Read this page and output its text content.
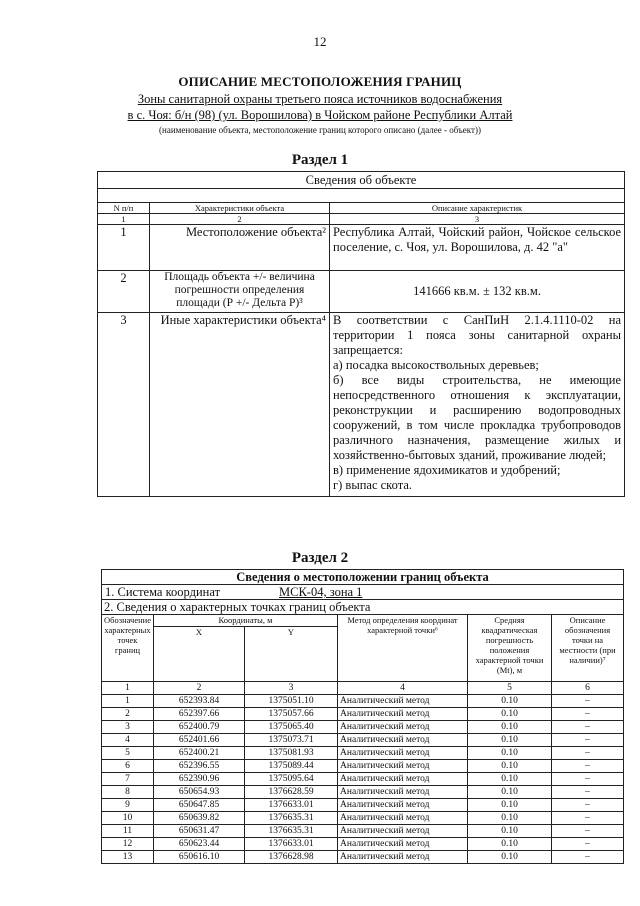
12
ОПИСАНИЕ МЕСТОПОЛОЖЕНИЯ ГРАНИЦ
Зоны санитарной охраны третьего пояса источников водоснабжения
в с. Чоя: б/н (98) (ул. Ворошилова) в Чойском районе Республики Алтай
(наименование объекта, местоположение границ которого описано (далее - объект))
Раздел 1
Сведения об объекте		

N п/п	Характеристики объекта	Описание характеристик
1	2	3
1	Местоположение объекта²	Республика Алтай, Чойский район, Чойское сельское поселение, с. Чоя, ул. Ворошилова, д. 42 "а"
2	Площадь объекта +/- величина погрешности определения площади (Р +/- Дельта Р)³	141666 кв.м. ± 132 кв.м.
3	Иные характеристики объекта⁴	В соответствии с СанПиН 2.1.4.1110-02 на территории 1 пояса зоны санитарной охраны запрещается:
а) посадка высокоствольных деревьев;
б) все виды строительства, не имеющие непосредственного отношения к эксплуатации, реконструкции и расширению водопроводных сооружений, в том числе прокладка трубопроводов различного назначения, размещение жилых и хозяйственно-бытовых зданий, проживание людей;
в) применение ядохимикатов и удобрений;
г) выпас скота.
Раздел 2
Сведения о местоположении границ объекта					
1. Система координат МСК-04, зона 1					
2. Сведения о характерных точках границ объекта					
Обозначение характерных точек границ	Координаты, м		Метод определения координат характерной точки⁶	Средняя квадратическая погрешность положения характерной точки (Mt), м	Описание обозначения точки на местности (при наличии)⁷
	X	Y			
1	2	3	4	5	6
1	652393.84	1375051.10	Аналитический метод	0.10	–
2	652397.66	1375057.66	Аналитический метод	0.10	–
3	652400.79	1375065.40	Аналитический метод	0.10	–
4	652401.66	1375073.71	Аналитический метод	0.10	–
5	652400.21	1375081.93	Аналитический метод	0.10	–
6	652396.55	1375089.44	Аналитический метод	0.10	–
7	652390.96	1375095.64	Аналитический метод	0.10	–
8	650654.93	1376628.59	Аналитический метод	0.10	–
9	650647.85	1376633.01	Аналитический метод	0.10	–
10	650639.82	1376635.31	Аналитический метод	0.10	–
11	650631.47	1376635.31	Аналитический метод	0.10	–
12	650623.44	1376633.01	Аналитический метод	0.10	–
13	650616.10	1376628.98	Аналитический метод	0.10	–
